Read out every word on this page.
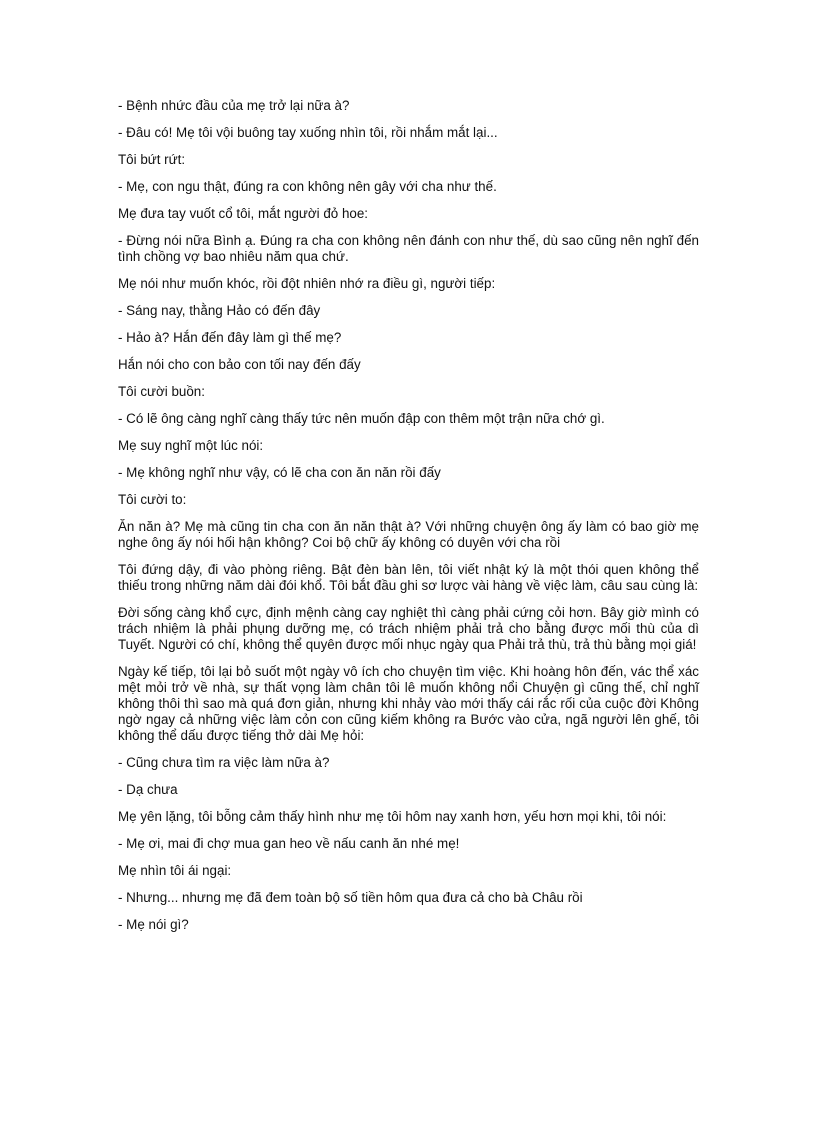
- Bệnh nhức đầu của mẹ trở lại nữa à?

- Đâu có! Mẹ tôi vội buông tay xuống nhìn tôi, rồi nhắm mắt lại...

Tôi bứt rứt:

- Mẹ, con ngu thật, đúng ra con không nên gây với cha như thế.

Mẹ đưa tay vuốt cổ tôi, mắt người đỏ hoe:

- Đừng nói nữa Bình ạ. Đúng ra cha con không nên đánh con như thế, dù sao cũng nên nghĩ đến tình chồng vợ bao nhiêu năm qua chứ.

Mẹ nói như muốn khóc, rồi đột nhiên nhớ ra điều gì, người tiếp:

- Sáng nay, thằng Hảo có đến đây

- Hảo à? Hắn đến đây làm gì thế mẹ?

Hắn nói cho con bảo con tối nay đến đấy

Tôi cười buồn:

- Có lẽ ông càng nghĩ càng thấy tức nên muốn đập con thêm một trận nữa chớ gì.

Mẹ suy nghĩ một lúc nói:

- Mẹ không nghĩ như vậy, có lẽ cha con ăn năn rồi đấy

Tôi cười to:

Ăn năn à? Mẹ mà cũng tin cha con ăn năn thật à? Với những chuyện ông ấy làm có bao giờ mẹ nghe ông ấy nói hối hận không? Coi bộ chữ ấy không có duyên với cha rồi

Tôi đứng dậy, đi vào phòng riêng. Bật đèn bàn lên, tôi viết nhật ký là một thói quen không thể thiếu trong những năm dài đói khổ. Tôi bắt đầu ghi sơ lược vài hàng về việc làm, câu sau cùng là:

Đời sống càng khổ cực, định mệnh càng cay nghiệt thì càng phải cứng cỏi hơn. Bây giờ mình có trách nhiệm là phải phụng dưỡng mẹ, có trách nhiệm phải trả cho bằng được mối thù của dì Tuyết. Người có chí, không thể quyên được mối nhục ngày qua Phải trả thù, trả thù bằng mọi giá!

Ngày kế tiếp, tôi lại bỏ suốt một ngày vô ích cho chuyện tìm việc. Khi hoàng hôn đến, vác thể xác mệt mỏi trở về nhà, sự thất vọng làm chân tôi lê muốn không nổi Chuyện gì cũng thế, chỉ nghĩ không thôi thì sao mà quá đơn giản, nhưng khi nhảy vào mới thấy cái rắc rối của cuộc đời Không ngờ ngay cả những việc làm cỏn con cũng kiếm không ra Bước vào cửa, ngã người lên ghế, tôi không thể dấu được tiếng thở dài Mẹ hỏi:

- Cũng chưa tìm ra việc làm nữa à?

- Dạ chưa

Mẹ yên lặng, tôi bỗng cảm thấy hình như mẹ tôi hôm nay xanh hơn, yếu hơn mọi khi, tôi nói:

- Mẹ ơi, mai đi chợ mua gan heo về nấu canh ăn nhé mẹ!

Mẹ nhìn tôi ái ngại:

- Nhưng... nhưng mẹ đã đem toàn bộ số tiền hôm qua đưa cả cho bà Châu rồi

- Mẹ nói gì?
